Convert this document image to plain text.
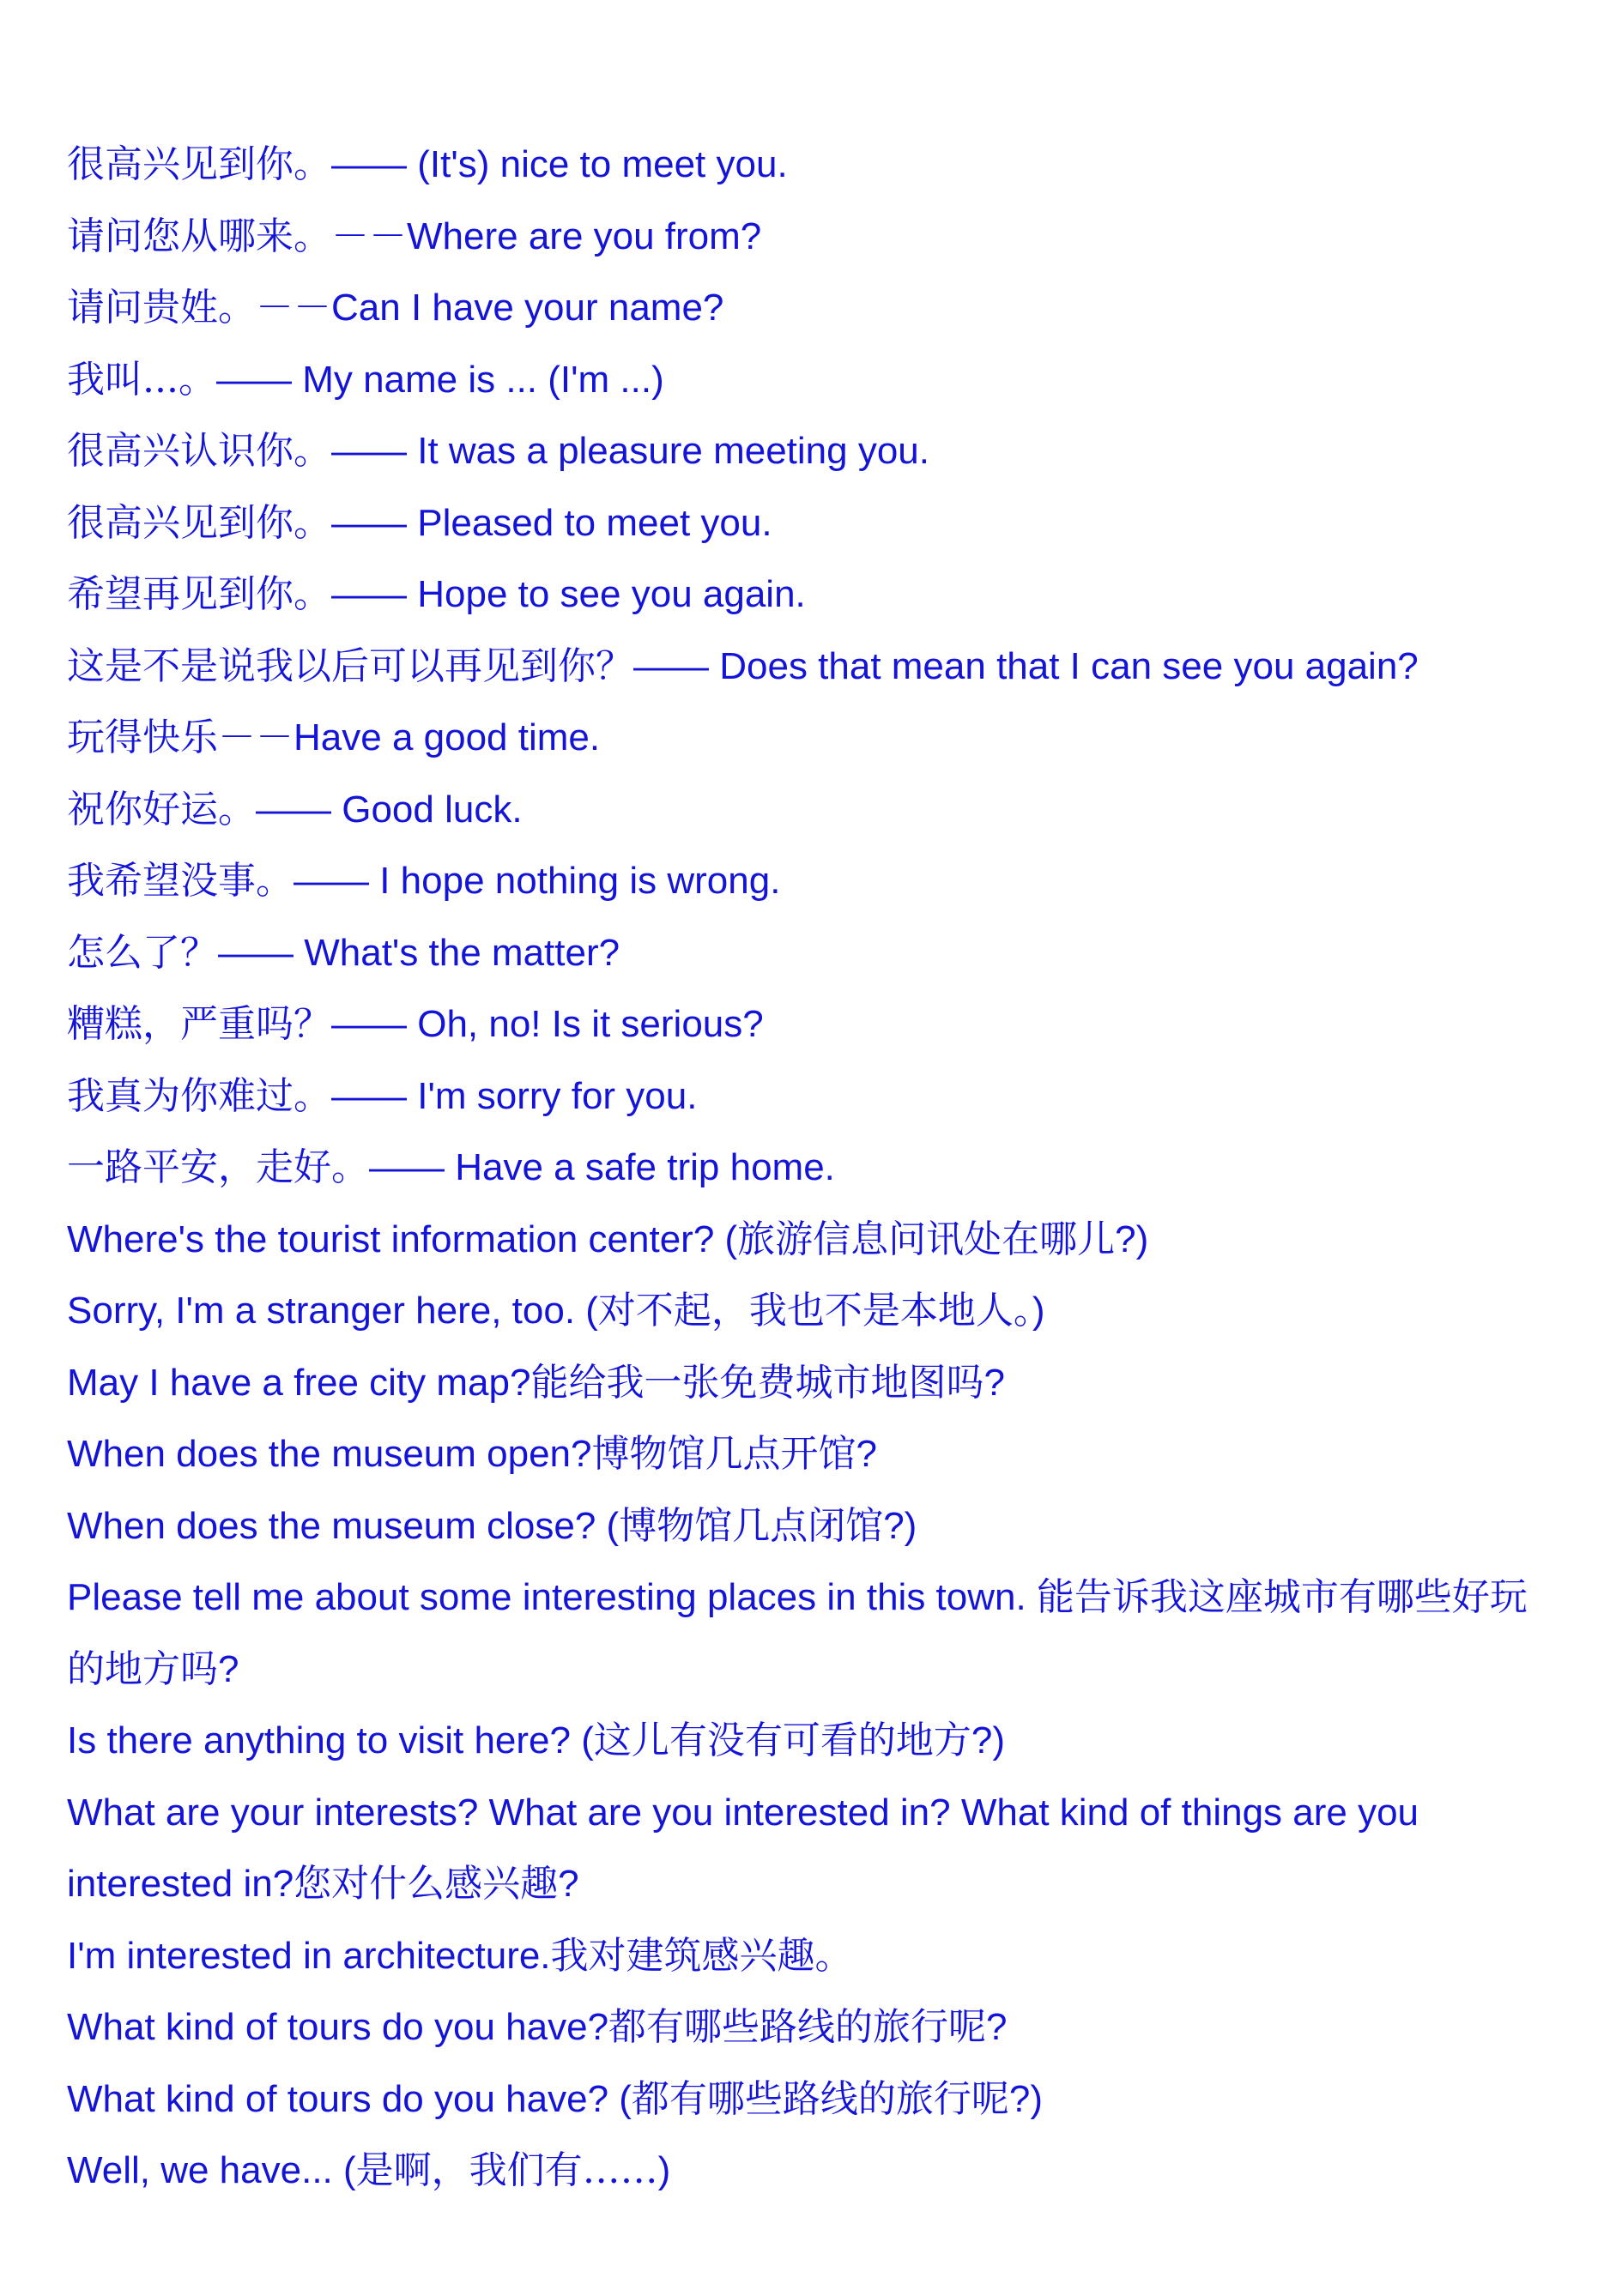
很高兴见到你。—— (It's) nice to meet you.
请问您从哪来。－－Where are you from?
请问贵姓。－－Can I have your name?
我叫...。—— My name is ... (I'm ...)
很高兴认识你。—— It was a pleasure meeting you.
很高兴见到你。—— Pleased to meet you.
希望再见到你。—— Hope to see you again.
这是不是说我以后可以再见到你？—— Does that mean that I can see you again?
玩得快乐－－Have a good time.
祝你好运。—— Good luck.
我希望没事。—— I hope nothing is wrong.
怎么了？—— What's the matter?
糟糕，严重吗？—— Oh, no! Is it serious?
我真为你难过。—— I'm sorry for you.
一路平安，走好。—— Have a safe trip home.
Where's the tourist information center? (旅游信息问讯处在哪儿?)
Sorry, I'm a stranger here, too. (对不起，我也不是本地人。)
May I have a free city map?能给我一张免费城市地图吗?
When does the museum open?博物馆几点开馆?
When does the museum close? (博物馆几点闭馆?)
Please tell me about some interesting places in this town. 能告诉我这座城市有哪些好玩的地方吗?
Is there anything to visit here? (这儿有没有可看的地方?)
What are your interests? What are you interested in? What kind of things are you interested in?您对什么感兴趣?
I'm interested in architecture.我对建筑感兴趣。
What kind of tours do you have?都有哪些路线的旅行呢?
What kind of tours do you have? (都有哪些路线的旅行呢?)
Well, we have... (是啊，我们有……)
